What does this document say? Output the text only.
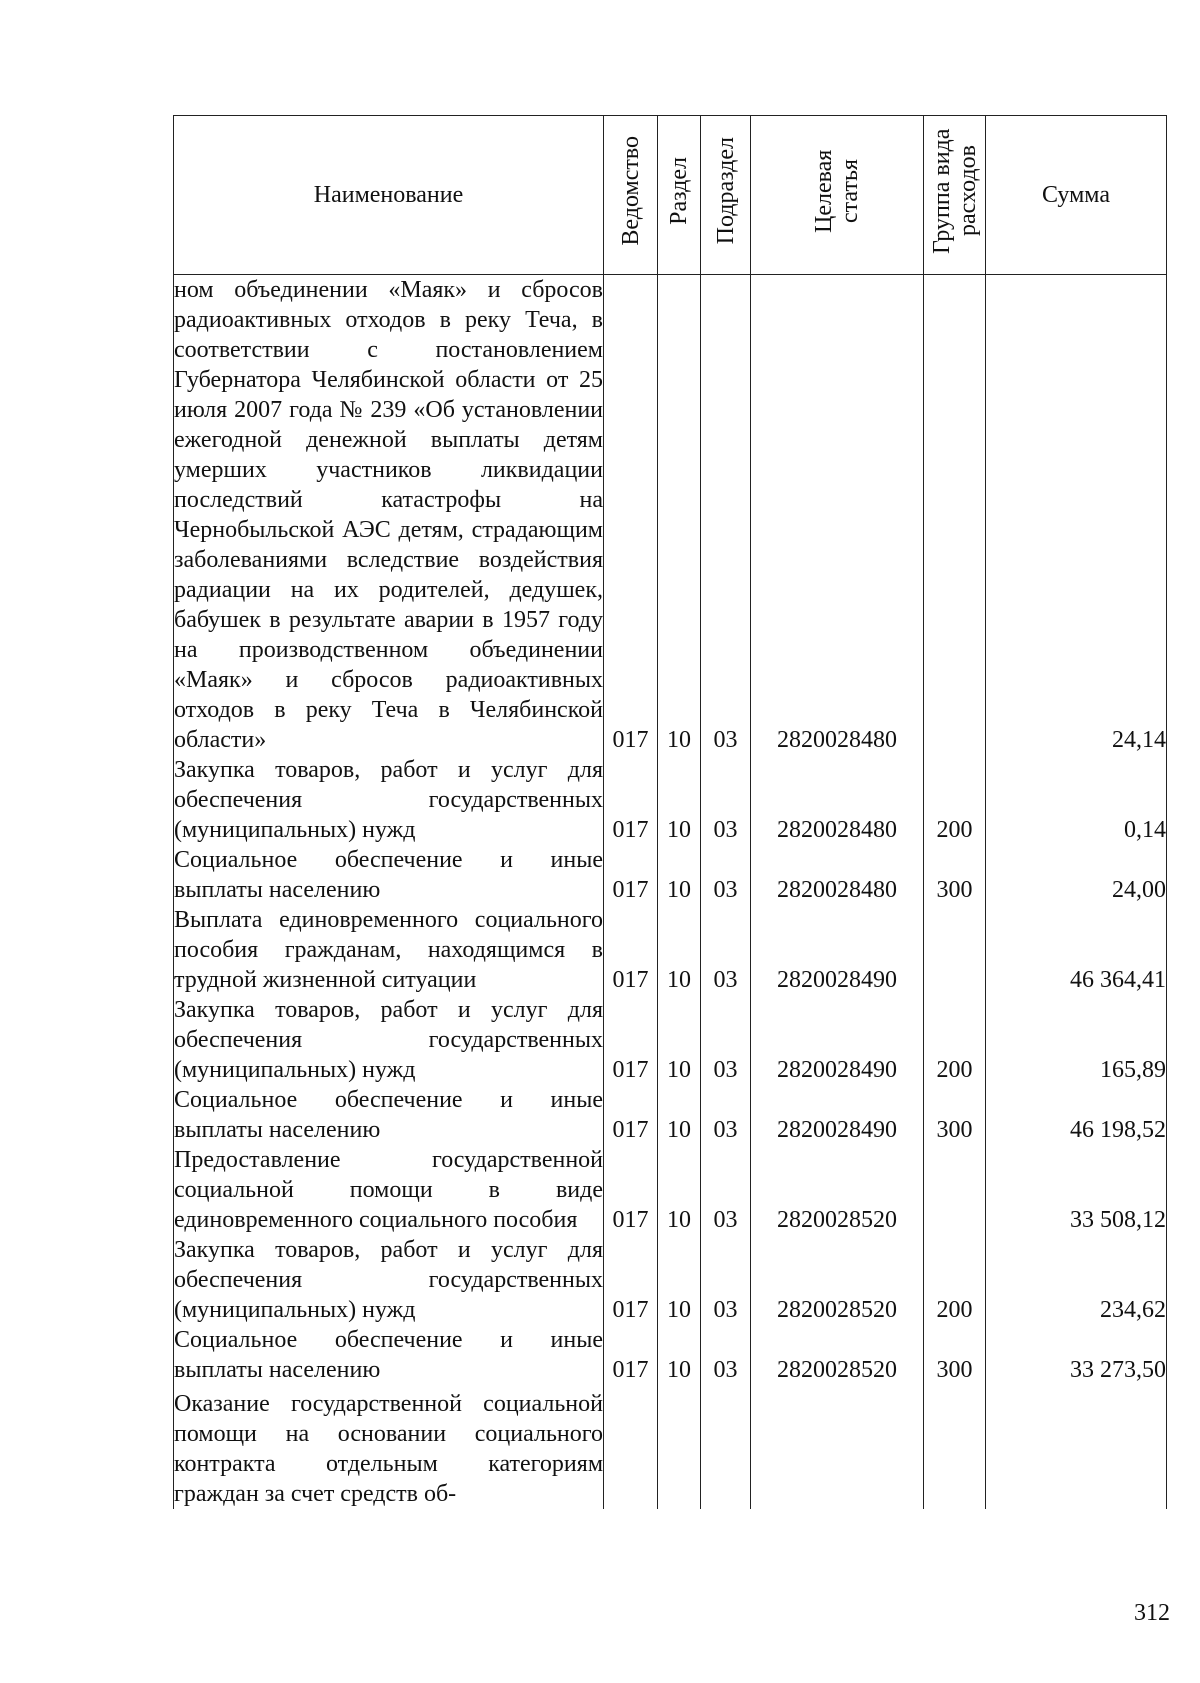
Наименование	Ведомство	Раздел	Подраздел	Целевая статья	Группа вида расходов	Сумма
ном объединении «Маяк» и сбросов радиоактивных отходов в реку Теча, в соответствии с постановлением Губернатора Челябинской области от 25 июля 2007 года № 239 «Об установлении ежегодной денежной выплаты детям умерших участников ликвидации последствий катастрофы на Чернобыльской АЭС детям, страдающим заболеваниями вследствие воздействия радиации на их родителей, дедушек, бабушек в результате аварии в 1957 году на производственном объединении «Маяк» и сбросов радиоактивных отходов в реку Теча в Челябинской области»	017	10	03	2820028480		24,14
Закупка товаров, работ и услуг для обеспечения государственных (муниципальных) нужд	017	10	03	2820028480	200	0,14
Социальное обеспечение и иные выплаты населению	017	10	03	2820028480	300	24,00
Выплата единовременного социального пособия гражданам, находящимся в трудной жизненной ситуации	017	10	03	2820028490		46 364,41
Закупка товаров, работ и услуг для обеспечения государственных (муниципальных) нужд	017	10	03	2820028490	200	165,89
Социальное обеспечение и иные выплаты населению	017	10	03	2820028490	300	46 198,52
Предоставление государственной социальной помощи в виде единовременного социального пособия	017	10	03	2820028520		33 508,12
Закупка товаров, работ и услуг для обеспечения государственных (муниципальных) нужд	017	10	03	2820028520	200	234,62
Социальное обеспечение и иные выплаты населению	017	10	03	2820028520	300	33 273,50
Оказание государственной социальной помощи на основании социального контракта отдельным категориям граждан за счет средств об-						
312
